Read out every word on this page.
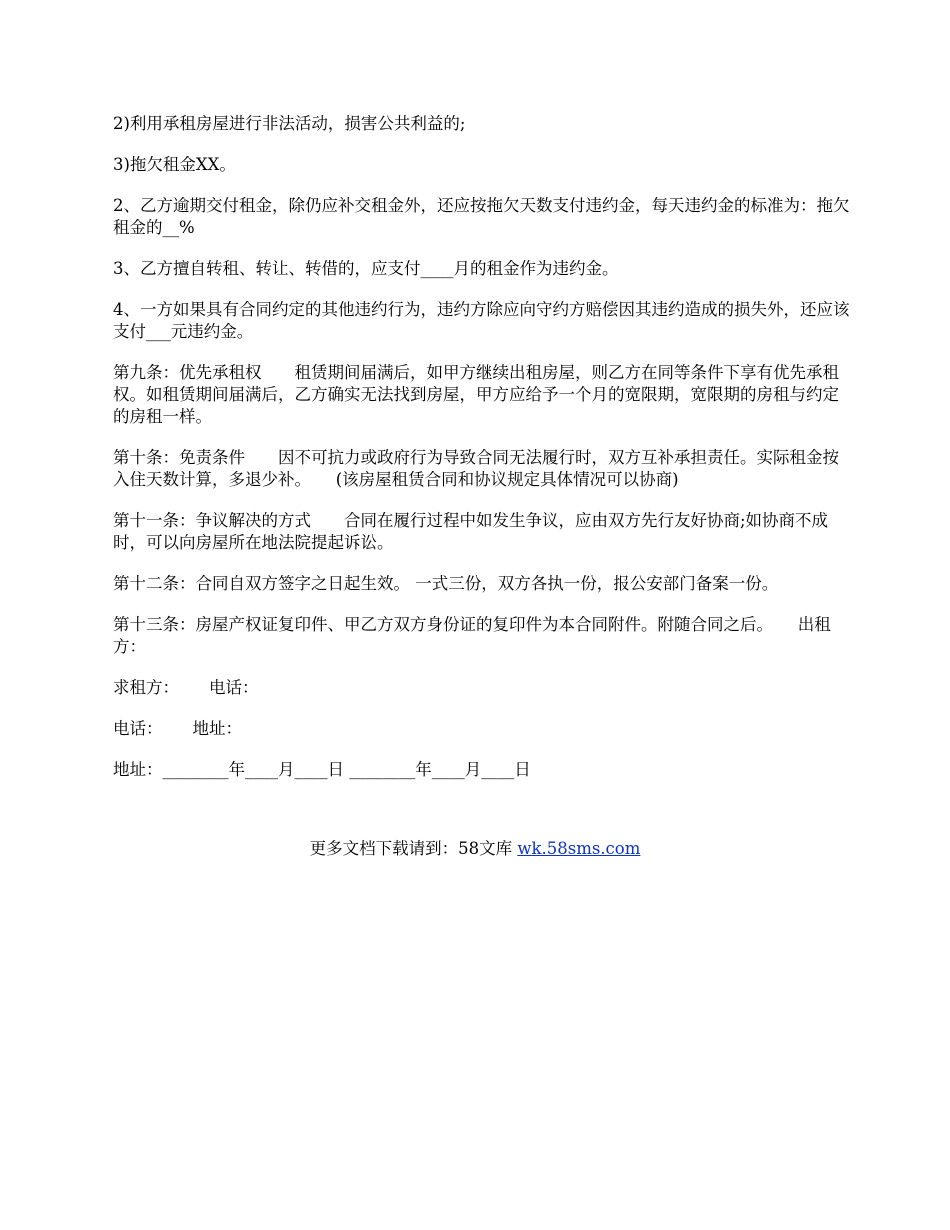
2)利用承租房屋进行非法活动，损害公共利益的;

3)拖欠租金XX。

2、乙方逾期交付租金，除仍应补交租金外，还应按拖欠天数支付违约金，每天违约金的标准为：拖欠租金的__%

3、乙方擅自转租、转让、转借的，应支付____月的租金作为违约金。

4、一方如果具有合同约定的其他违约行为，违约方除应向守约方赔偿因其违约造成的损失外，还应该支付___元违约金。

第九条：优先承租权　　租赁期间届满后，如甲方继续出租房屋，则乙方在同等条件下享有优先承租权。如租赁期间届满后，乙方确实无法找到房屋，甲方应给予一个月的宽限期，宽限期的房租与约定的房租一样。

第十条：免责条件　　因不可抗力或政府行为导致合同无法履行时，双方互补承担责任。实际租金按入住天数计算，多退少补。　　(该房屋租赁合同和协议规定具体情况可以协商)

第十一条：争议解决的方式　　合同在履行过程中如发生争议，应由双方先行友好协商;如协商不成时，可以向房屋所在地法院提起诉讼。

第十二条：合同自双方签字之日起生效。 一式三份，双方各执一份，报公安部门备案一份。

第十三条：房屋产权证复印件、甲乙方双方身份证的复印件为本合同附件。附随合同之后。　　出租方：

求租方：　　 电话：

电话：　　 地址：

地址：________年____月____日 ________年____月____日

更多文档下载请到：58文库 wk.58sms.com
